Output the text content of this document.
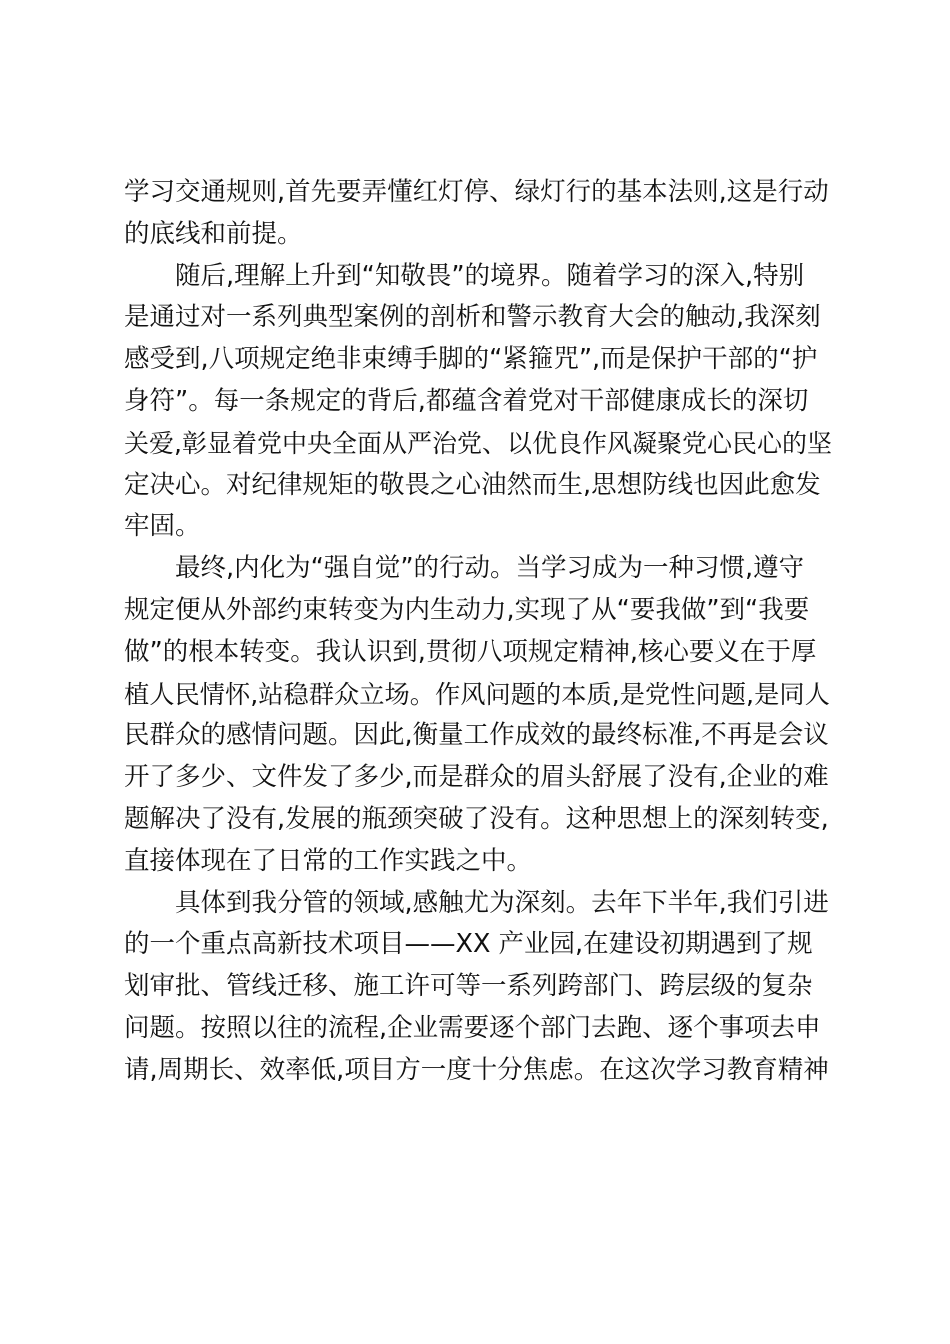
学习交通规则,首先要弄懂红灯停、绿灯行的基本法则,这是行动
的底线和前提。
随后,理解上升到“知敬畏”的境界。随着学习的深入,特别
是通过对一系列典型案例的剖析和警示教育大会的触动,我深刻
感受到,八项规定绝非束缚手脚的“紧箍咒”,而是保护干部的“护
身符”。每一条规定的背后,都蕴含着党对干部健康成长的深切
关爱,彰显着党中央全面从严治党、以优良作风凝聚党心民心的坚
定决心。对纪律规矩的敬畏之心油然而生,思想防线也因此愈发
牢固。
最终,内化为“强自觉”的行动。当学习成为一种习惯,遵守
规定便从外部约束转变为内生动力,实现了从“要我做”到“我要
做”的根本转变。我认识到,贯彻八项规定精神,核心要义在于厚
植人民情怀,站稳群众立场。作风问题的本质,是党性问题,是同人
民群众的感情问题。因此,衡量工作成效的最终标准,不再是会议
开了多少、文件发了多少,而是群众的眉头舒展了没有,企业的难
题解决了没有,发展的瓶颈突破了没有。这种思想上的深刻转变,
直接体现在了日常的工作实践之中。
具体到我分管的领域,感触尤为深刻。去年下半年,我们引进
的一个重点高新技术项目——XX 产业园,在建设初期遇到了规
划审批、管线迁移、施工许可等一系列跨部门、跨层级的复杂
问题。按照以往的流程,企业需要逐个部门去跑、逐个事项去申
请,周期长、效率低,项目方一度十分焦虑。在这次学习教育精神
